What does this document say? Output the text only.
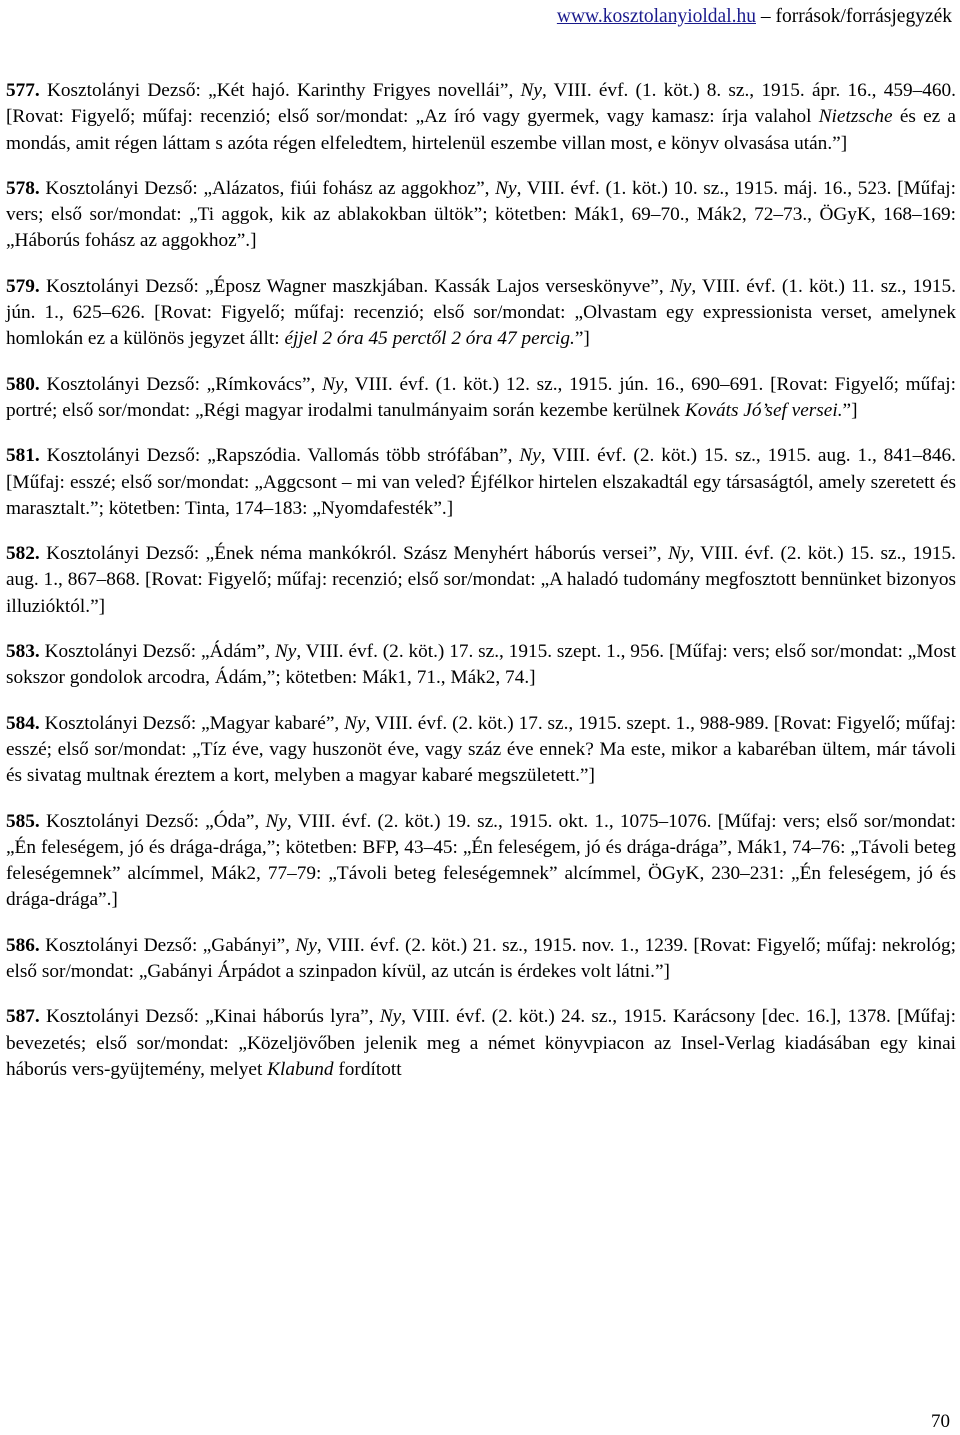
www.kosztolanyioldal.hu – források/forrásjegyzék

577. Kosztolányi Dezső: „Két hajó. Karinthy Frigyes novellái”, Ny, VIII. évf. (1. köt.) 8. sz., 1915. ápr. 16., 459–460. [Rovat: Figyelő; műfaj: recenzió; első sor/mondat: „Az író vagy gyermek, vagy kamasz: írja valahol Nietzsche és ez a mondás, amit régen láttam s azóta régen elfeledtem, hirtelenül eszembe villan most, e könyv olvasása után.”]

578. Kosztolányi Dezső: „Alázatos, fiúi fohász az aggokhoz”, Ny, VIII. évf. (1. köt.) 10. sz., 1915. máj. 16., 523. [Műfaj: vers; első sor/mondat: „Ti aggok, kik az ablakokban ültök”; kötetben: Mák1, 69–70., Mák2, 72–73., ÖGyK, 168–169: „Háborús fohász az aggokhoz”.]

579. Kosztolányi Dezső: „Éposz Wagner maszkjában. Kassák Lajos verseskönyve”, Ny, VIII. évf. (1. köt.) 11. sz., 1915. jún. 1., 625–626. [Rovat: Figyelő; műfaj: recenzió; első sor/mondat: „Olvastam egy expressionista verset, amelynek homlokán ez a különös jegyzet állt: éjjel 2 óra 45 perctől 2 óra 47 percig.”]

580. Kosztolányi Dezső: „Rímkovács”, Ny, VIII. évf. (1. köt.) 12. sz., 1915. jún. 16., 690–691. [Rovat: Figyelő; műfaj: portré; első sor/mondat: „Régi magyar irodalmi tanulmányaim során kezembe kerülnek Kováts Jó’sef versei.”]

581. Kosztolányi Dezső: „Rapszódia. Vallomás több strófában”, Ny, VIII. évf. (2. köt.) 15. sz., 1915. aug. 1., 841–846. [Műfaj: esszé; első sor/mondat: „Aggcsont – mi van veled? Éjfélkor hirtelen elszakadtál egy társaságtól, amely szeretett és marasztalt.”; kötetben: Tinta, 174–183: „Nyomdafesték”.]

582. Kosztolányi Dezső: „Ének néma mankókról. Szász Menyhért háborús versei”, Ny, VIII. évf. (2. köt.) 15. sz., 1915. aug. 1., 867–868. [Rovat: Figyelő; műfaj: recenzió; első sor/mondat: „A haladó tudomány megfosztott bennünket bizonyos illuzióktól.”]

583. Kosztolányi Dezső: „Ádám”, Ny, VIII. évf. (2. köt.) 17. sz., 1915. szept. 1., 956. [Műfaj: vers; első sor/mondat: „Most sokszor gondolok arcodra, Ádám,”; kötetben: Mák1, 71., Mák2, 74.]

584. Kosztolányi Dezső: „Magyar kabaré”, Ny, VIII. évf. (2. köt.) 17. sz., 1915. szept. 1., 988-989. [Rovat: Figyelő; műfaj: esszé; első sor/mondat: „Tíz éve, vagy huszonöt éve, vagy száz éve ennek? Ma este, mikor a kabaréban ültem, már távoli és sivatag multnak éreztem a kort, melyben a magyar kabaré megszületett.”]

585. Kosztolányi Dezső: „Óda”, Ny, VIII. évf. (2. köt.) 19. sz., 1915. okt. 1., 1075–1076. [Műfaj: vers; első sor/mondat: „Én feleségem, jó és drága-drága,”; kötetben: BFP, 43–45: „Én feleségem, jó és drága-drága”, Mák1, 74–76: „Távoli beteg feleségemnek” alcímmel, Mák2, 77–79: „Távoli beteg feleségemnek” alcímmel, ÖGyK, 230–231: „Én feleségem, jó és drága-drága”.]

586. Kosztolányi Dezső: „Gabányi”, Ny, VIII. évf. (2. köt.) 21. sz., 1915. nov. 1., 1239. [Rovat: Figyelő; műfaj: nekrológ; első sor/mondat: „Gabányi Árpádot a szinpadon kívül, az utcán is érdekes volt látni.”]

587. Kosztolányi Dezső: „Kinai háborús lyra”, Ny, VIII. évf. (2. köt.) 24. sz., 1915. Karácsony [dec. 16.], 1378. [Műfaj: bevezetés; első sor/mondat: „Közeljövőben jelenik meg a német könyvpiacon az Insel-Verlag kiadásában egy kinai háborús vers-gyüjtemény, melyet Klabund fordított

70
